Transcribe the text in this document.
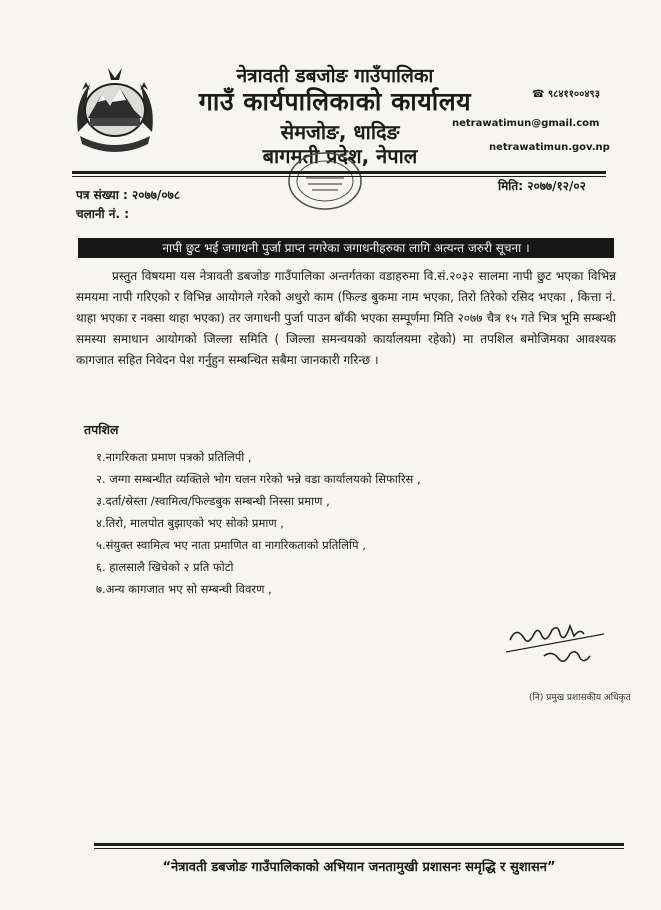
नेत्रावती डबजोङ गाउँपालिका
गाउँ कार्यपालिकाको कार्यालय
सेमजोङ, धादिङ
बागमती प्रदेश, नेपाल
☎ ९८४११००४९३
netrawatimun@gmail.com
netrawatimun.gov.np
पत्र संख्या : २०७७/०७८
चलानी नं. :
मिति: २०७७/१२/०२
नापी छुट भई जगाधनी पुर्जा प्राप्त नगरेका जगाधनीहरुका लागि अत्यन्त जरुरी सूचना ।
प्रस्तुत विषयमा यस नेत्रावती डबजोङ गाउँपालिका अन्तर्गतका वडाहरुमा वि.सं.२०३२ सालमा नापी छुट भएका विभिन्न समयमा नापी गरिएको र विभिन्न आयोगले गरेको अधुरो काम (फिल्ड बुकमा नाम भएका, तिरो तिरेको रसिद भएका , कित्ता नं. थाहा भएका र नक्सा थाहा भएका) तर जगाधनी पुर्जा पाउन बाँकी भएका सम्पूर्णमा मिति २०७७ चैत्र १५ गते भित्र भूमि सम्बन्धी समस्या समाधान आयोगको जिल्ला समिति ( जिल्ला समन्वयको कार्यालयमा रहेको) मा तपशिल बमोजिमका आवश्यक कागजात सहित निवेदन पेश गर्नुहुन सम्बन्धित सबैमा जानकारी गरिन्छ ।
तपशिल
१.नागरिकता प्रमाण पत्रको प्रतिलिपी ,
२. जग्गा सम्बन्धीत व्यक्तिले भोग चलन गरेको भन्ने वडा कार्यालयको सिफारिस ,
३.दर्ता/स्रेस्ता /स्वामित्व/फिल्डबुक सम्बन्धी निस्सा प्रमाण ,
४.तिरो, मालपोत बुझाएको भए सोको प्रमाण ,
५.संयुक्त स्वामित्व भए नाता प्रमाणित वा नागरिकताको प्रतिलिपि ,
६. हालसालै खिचेको २ प्रति फोटो
७.अन्य कागजात भए सो सम्बन्धी विवरण ,
(नि) प्रमुख प्रशासकीय अधिकृत
“नेत्रावती डबजोङ गाउँपालिकाको अभियान जनतामुखी प्रशासनः समृद्धि र सुशासन”
